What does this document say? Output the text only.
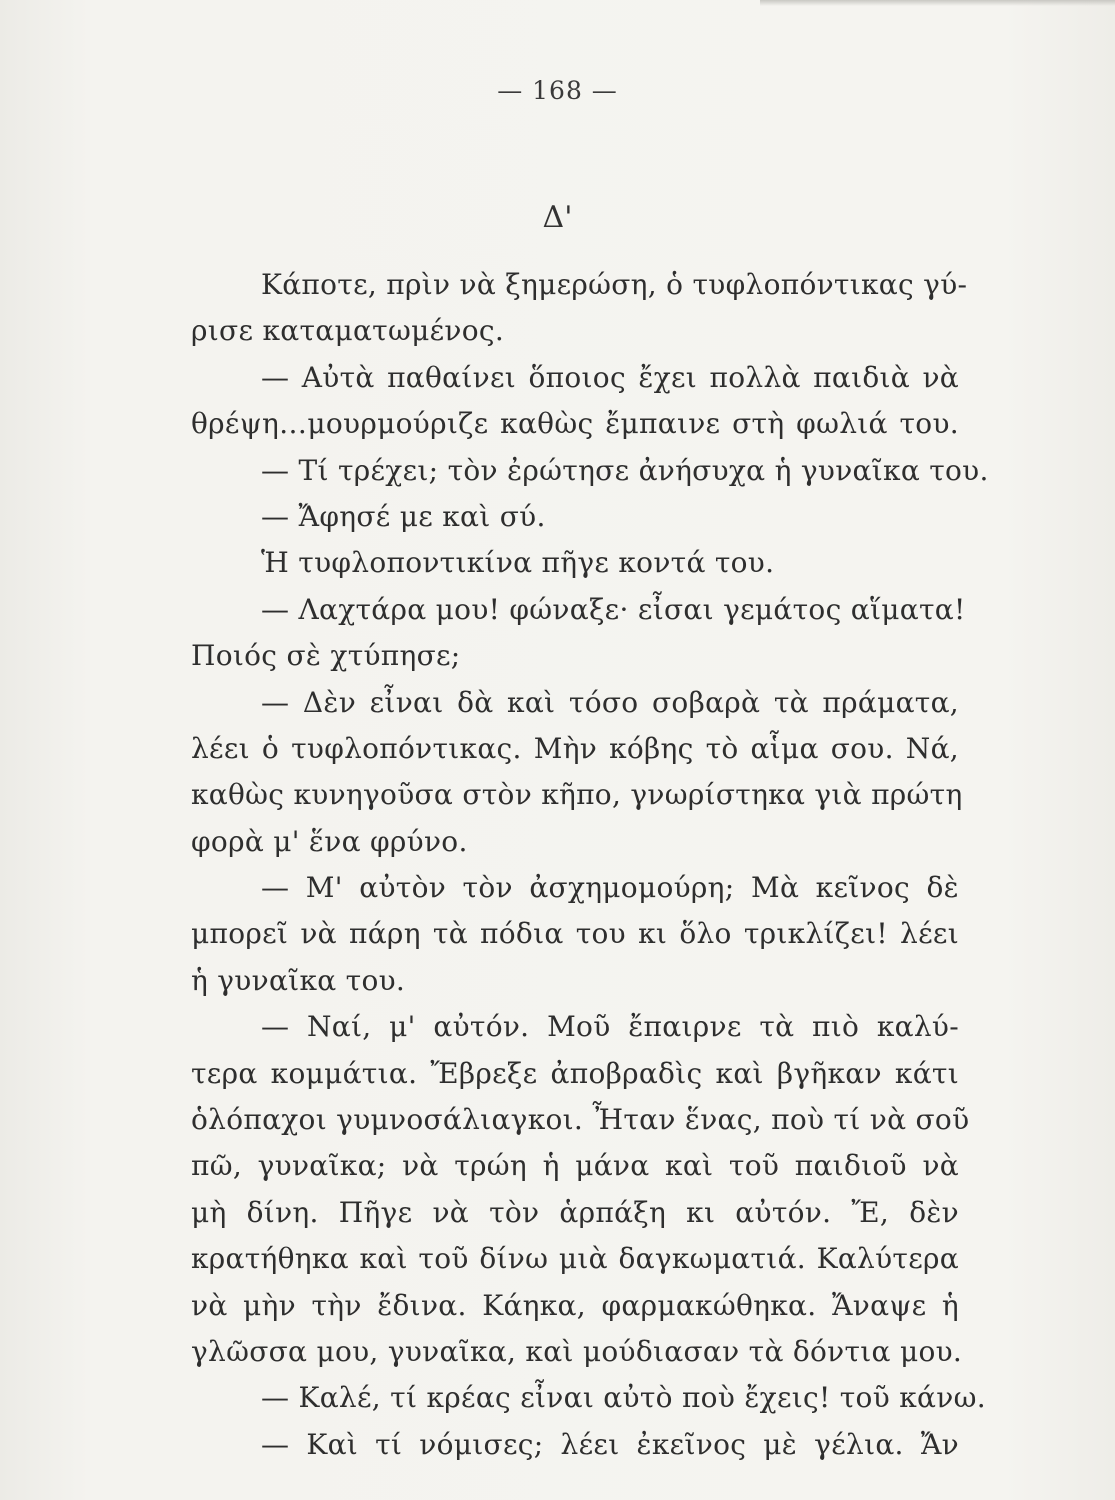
— 168 —
Δ'
Κάποτε, πρὶν νὰ ξημερώση, ὁ τυφλοπόντικας γύ-
ρισε καταματωμένος.
— Αὐτὰ παθαίνει ὅποιος ἔχει πολλὰ παιδιὰ νὰ
θρέψη…μουρμούριζε καθὼς ἔμπαινε στὴ φωλιά του.
— Τί τρέχει; τὸν ἐρώτησε ἀνήσυχα ἡ γυναῖκα του.
— Ἄφησέ με καὶ σύ.
Ἡ τυφλοποντικίνα πῆγε κοντά του.
— Λαχτάρα μου! φώναξε· εἶσαι γεμάτος αἵματα!
Ποιός σὲ χτύπησε;
— Δὲν εἶναι δὰ καὶ τόσο σοβαρὰ τὰ πράματα,
λέει ὁ τυφλοπόντικας. Μὴν κόβης τὸ αἷμα σου. Νά,
καθὼς κυνηγοῦσα στὸν κῆπο, γνωρίστηκα γιὰ πρώτη
φορὰ μ' ἕνα φρύνο.
— Μ' αὐτὸν τὸν ἀσχημομούρη; Μὰ κεῖνος δὲ
μπορεῖ νὰ πάρη τὰ πόδια του κι ὅλο τρικλίζει! λέει
ἡ γυναῖκα του.
— Ναί, μ' αὐτόν. Μοῦ ἔπαιρνε τὰ πιὸ καλύ-
τερα κομμάτια. Ἔβρεξε ἀποβραδὶς καὶ βγῆκαν κάτι
ὁλόπαχοι γυμνοσάλιαγκοι. Ἦταν ἕνας, ποὺ τί νὰ σοῦ
πῶ, γυναῖκα; νὰ τρώη ἡ μάνα καὶ τοῦ παιδιοῦ νὰ
μὴ δίνη. Πῆγε νὰ τὸν ἁρπάξη κι αὐτόν. Ἔ, δὲν
κρατήθηκα καὶ τοῦ δίνω μιὰ δαγκωματιά. Καλύτερα
νὰ μὴν τὴν ἔδινα. Κάηκα, φαρμακώθηκα. Ἄναψε ἡ
γλῶσσα μου, γυναῖκα, καὶ μούδιασαν τὰ δόντια μου.
— Καλέ, τί κρέας εἶναι αὐτὸ ποὺ ἔχεις! τοῦ κάνω.
— Καὶ τί νόμισες; λέει ἐκεῖνος μὲ γέλια. Ἄν
